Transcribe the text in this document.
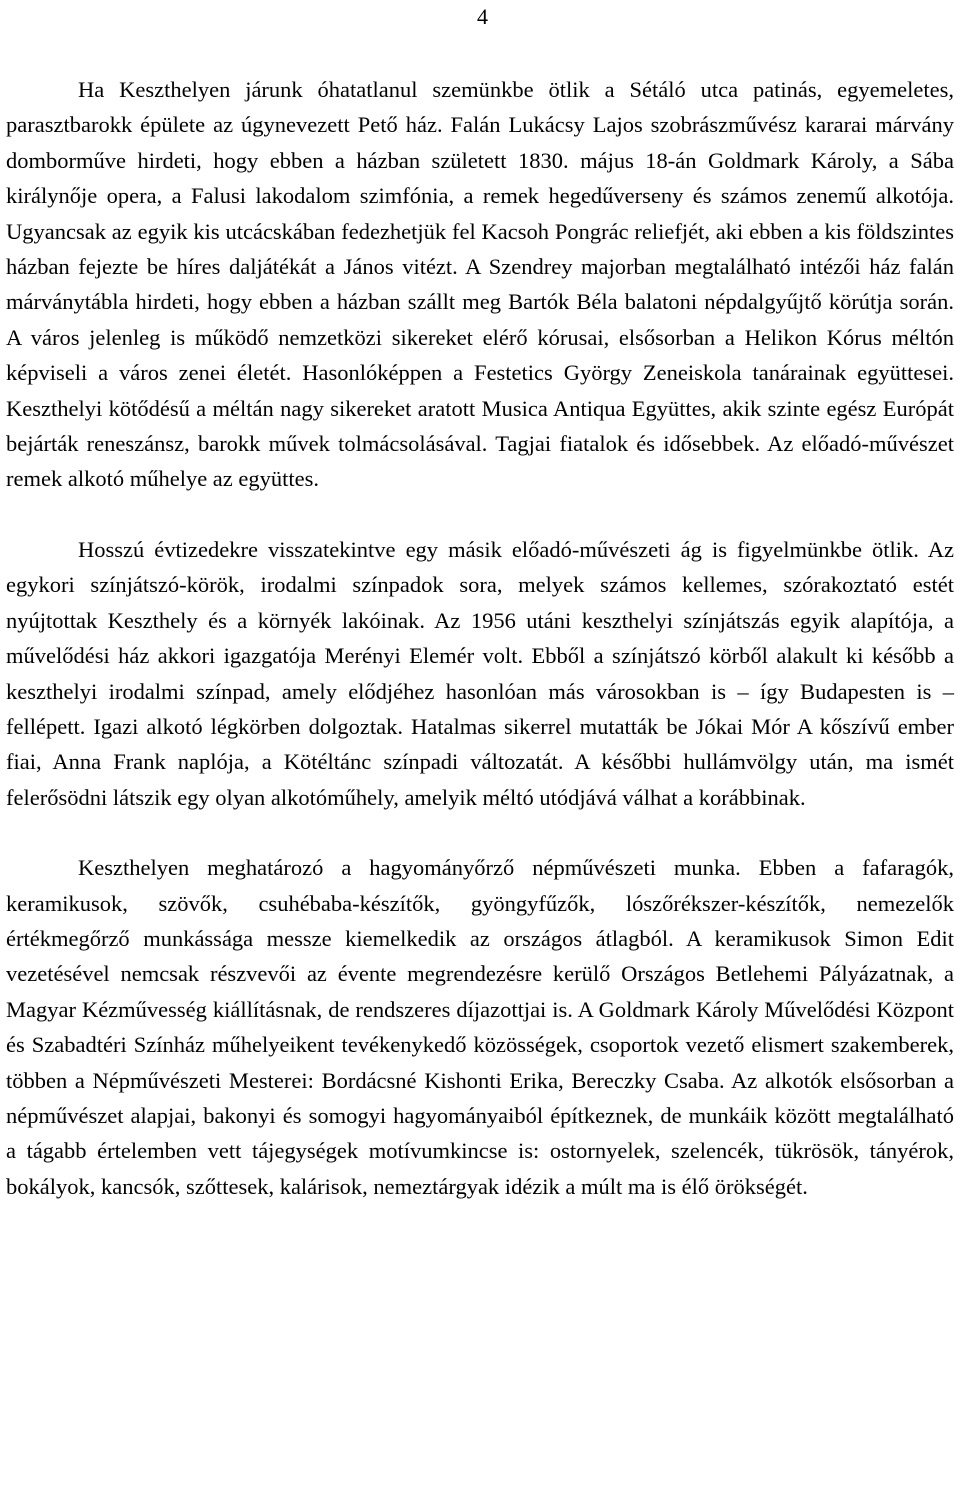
4

Ha Keszthelyen járunk óhatatlanul szemünkbe ötlik a Sétáló utca patinás, egyemeletes, parasztbarokk épülete az úgynevezett Pető ház. Falán Lukácsy Lajos szobrászművész kararai márvány domborműve hirdeti, hogy ebben a házban született 1830. május 18-án Goldmark Károly, a Sába királynője opera, a Falusi lakodalom szimfónia, a remek hegedűverseny és számos zenemű alkotója. Ugyancsak az egyik kis utcácskában fedezhetjük fel Kacsoh Pongrác reliefjét, aki ebben a kis földszintes házban fejezte be híres daljátékát a János vitézt. A Szendrey majorban megtalálható intézői ház falán márványtábla hirdeti, hogy ebben a házban szállt meg Bartók Béla balatoni népdalgyűjtő körútja során. A város jelenleg is működő nemzetközi sikereket elérő kórusai, elsősorban a Helikon Kórus méltón képviseli a város zenei életét. Hasonlóképpen a Festetics György Zeneiskola tanárainak együttesei. Keszthelyi kötődésű a méltán nagy sikereket aratott Musica Antiqua Együttes, akik szinte egész Európát bejárták reneszánsz, barokk művek tolmácsolásával. Tagjai fiatalok és idősebbek. Az előadó-művészet remek alkotó műhelye az együttes.

Hosszú évtizedekre visszatekintve egy másik előadó-művészeti ág is figyelmünkbe ötlik. Az egykori színjátszó-körök, irodalmi színpadok sora, melyek számos kellemes, szórakoztató estét nyújtottak Keszthely és a környék lakóinak. Az 1956 utáni keszthelyi színjátszás egyik alapítója, a művelődési ház akkori igazgatója Merényi Elemér volt. Ebből a színjátszó körből alakult ki később a keszthelyi irodalmi színpad, amely elődjéhez hasonlóan más városokban is – így Budapesten is – fellépett. Igazi alkotó légkörben dolgoztak. Hatalmas sikerrel mutatták be Jókai Mór A kőszívű ember fiai, Anna Frank naplója, a Kötéltánc színpadi változatát. A későbbi hullámvölgy után, ma ismét felerősödni látszik egy olyan alkotóműhely, amelyik méltó utódjává válhat a korábbinak.

Keszthelyen meghatározó a hagyományőrző népművészeti munka. Ebben a fafaragók, keramikusok, szövők, csuhébaba-készítők, gyöngyfűzők, lószőrékszer-készítők, nemezelők értékmegőrző munkássága messze kiemelkedik az országos átlagból. A keramikusok Simon Edit vezetésével nemcsak részvevői az évente megrendezésre kerülő Országos Betlehemi Pályázatnak, a Magyar Kézművesség kiállításnak, de rendszeres díjazottjai is. A Goldmark Károly Művelődési Központ és Szabadtéri Színház műhelyeikent tevékenykedő közösségek, csoportok vezető elismert szakemberek, többen a Népművészeti Mesterei: Bordácsné Kishonti Erika, Bereczky Csaba. Az alkotók elsősorban a népművészet alapjai, bakonyi és somogyi hagyományaiból építkeznek, de munkáik között megtalálható a tágabb értelemben vett tájegységek motívumkincse is: ostornyelek, szelencék, tükrösök, tányérok, bokályok, kancsók, szőttesek, kalárisok, nemeztárgyak idézik a múlt ma is élő örökségét.
